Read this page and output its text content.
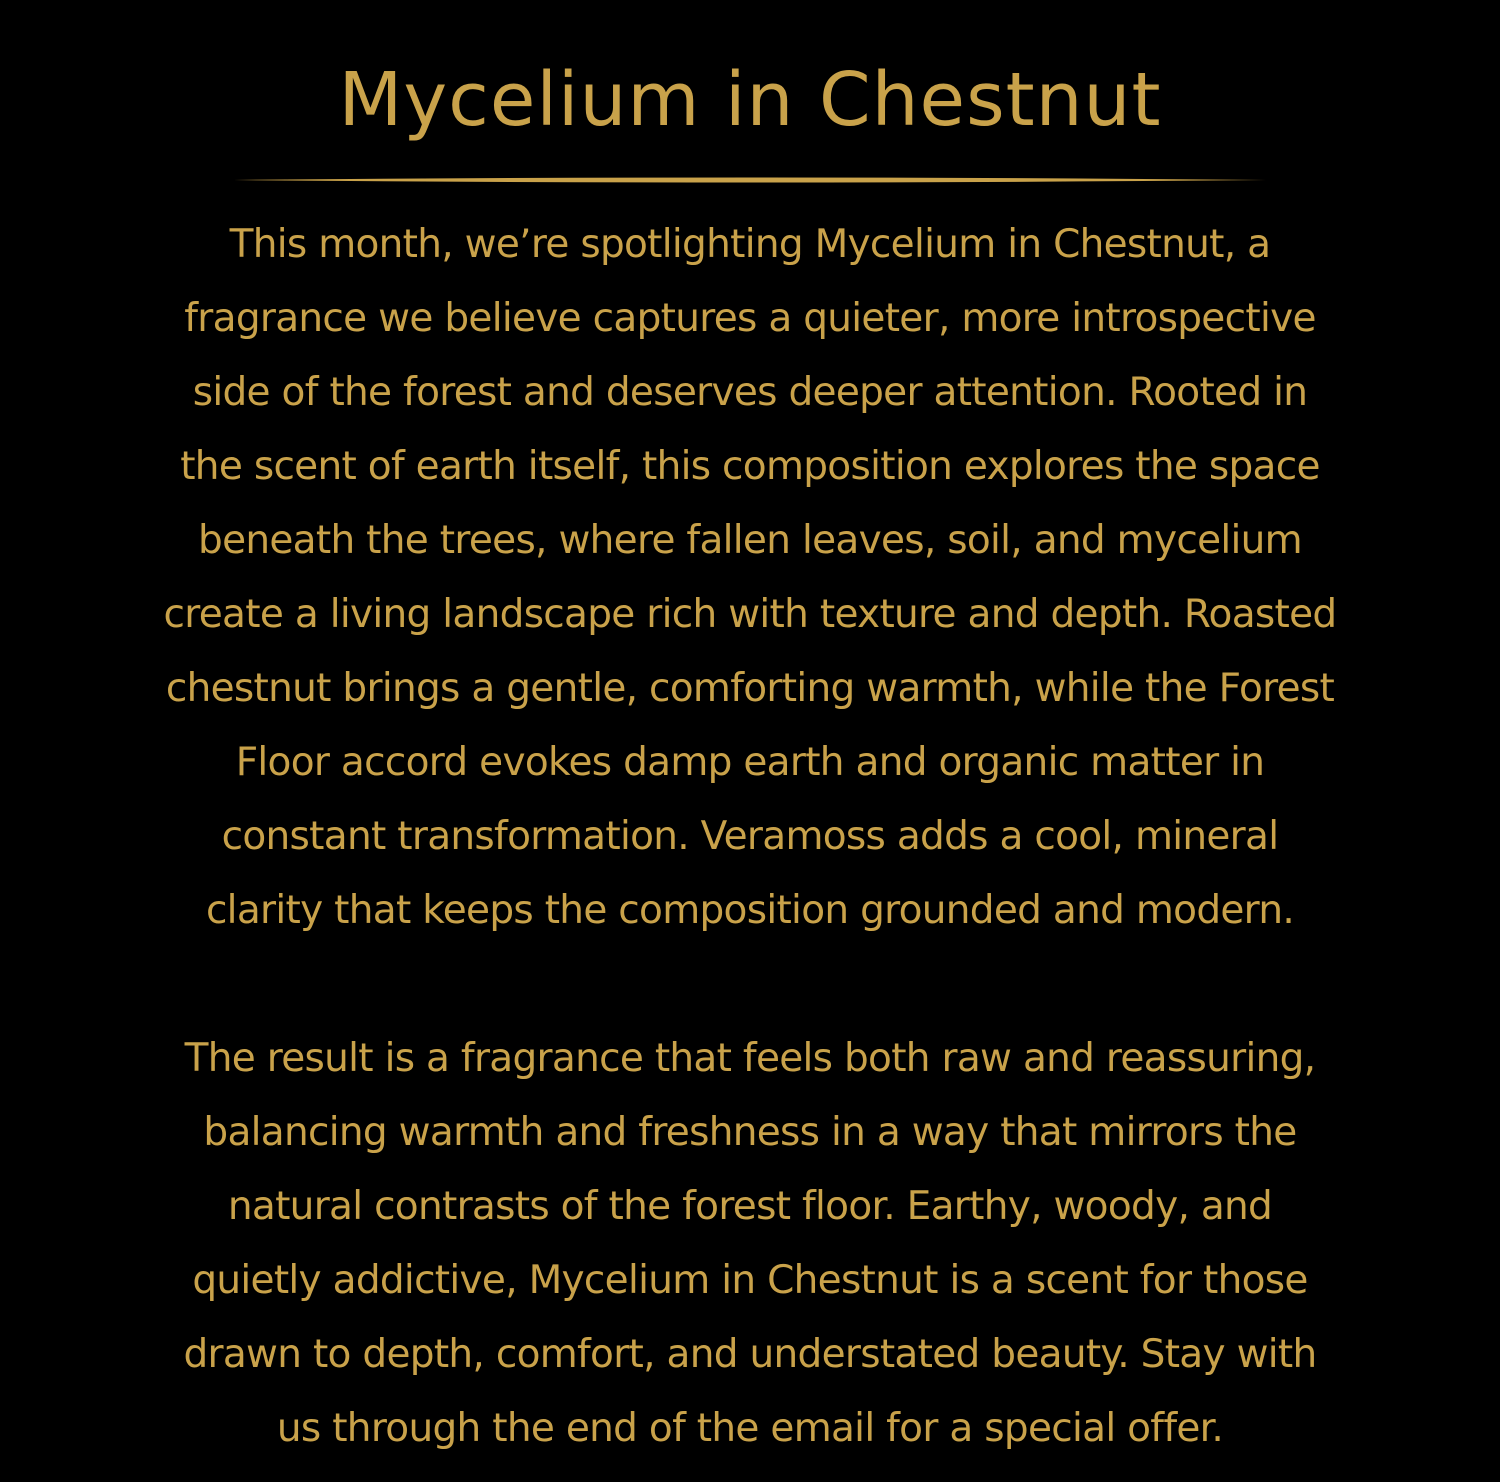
Mycelium in Chestnut

This month, we’re spotlighting Mycelium in Chestnut, a
fragrance we believe captures a quieter, more introspective
side of the forest and deserves deeper attention. Rooted in
the scent of earth itself, this composition explores the space
beneath the trees, where fallen leaves, soil, and mycelium
create a living landscape rich with texture and depth. Roasted
chestnut brings a gentle, comforting warmth, while the Forest
Floor accord evokes damp earth and organic matter in
constant transformation. Veramoss adds a cool, mineral
clarity that keeps the composition grounded and modern.

The result is a fragrance that feels both raw and reassuring,
balancing warmth and freshness in a way that mirrors the
natural contrasts of the forest floor. Earthy, woody, and
quietly addictive, Mycelium in Chestnut is a scent for those
drawn to depth, comfort, and understated beauty. Stay with
us through the end of the email for a special offer.
